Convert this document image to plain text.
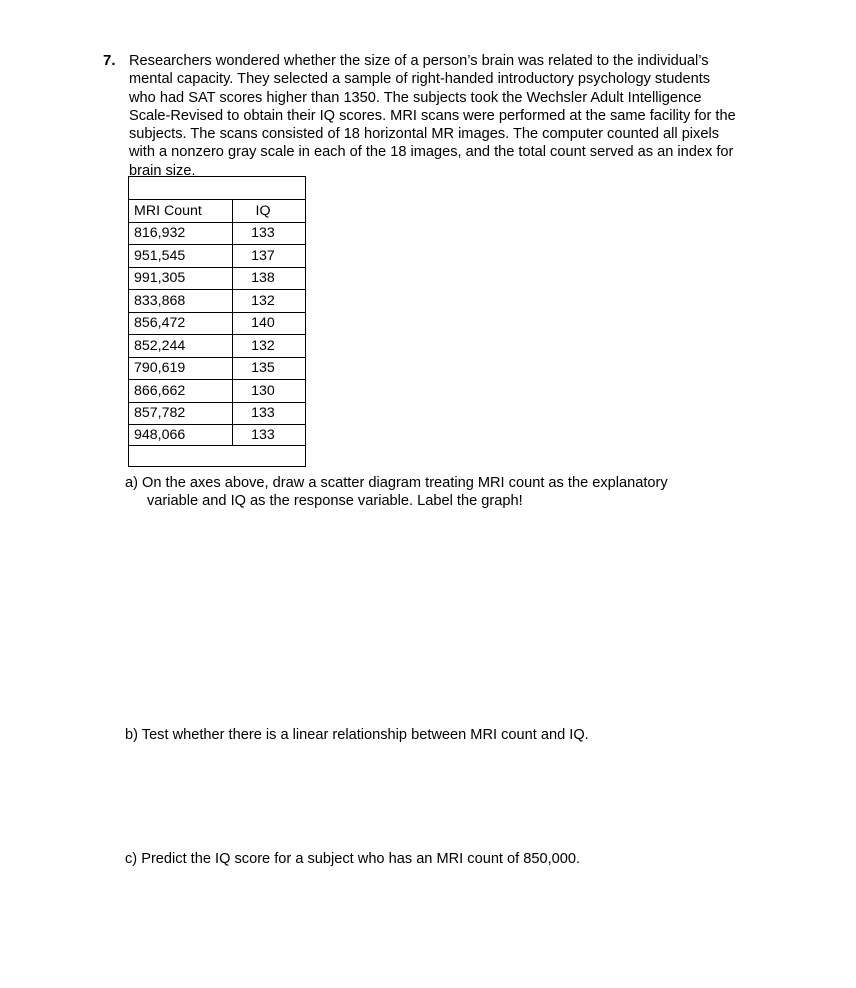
7. Researchers wondered whether the size of a person’s brain was related to the individual’s
mental capacity. They selected a sample of right-handed introductory psychology students
who had SAT scores higher than 1350. The subjects took the Wechsler Adult Intelligence
Scale-Revised to obtain their IQ scores. MRI scans were performed at the same facility for the
subjects. The scans consisted of 18 horizontal MR images. The computer counted all pixels
with a nonzero gray scale in each of the 18 images, and the total count served as an index for
brain size.
MRI Count	IQ
816,932	133
951,545	137
991,305	138
833,868	132
856,472	140
852,244	132
790,619	135
866,662	130
857,782	133
948,066	133
a) On the axes above, draw a scatter diagram treating MRI count as the explanatory
variable and IQ as the response variable. Label the graph!
b) Test whether there is a linear relationship between MRI count and IQ.
c) Predict the IQ score for a subject who has an MRI count of 850,000.
